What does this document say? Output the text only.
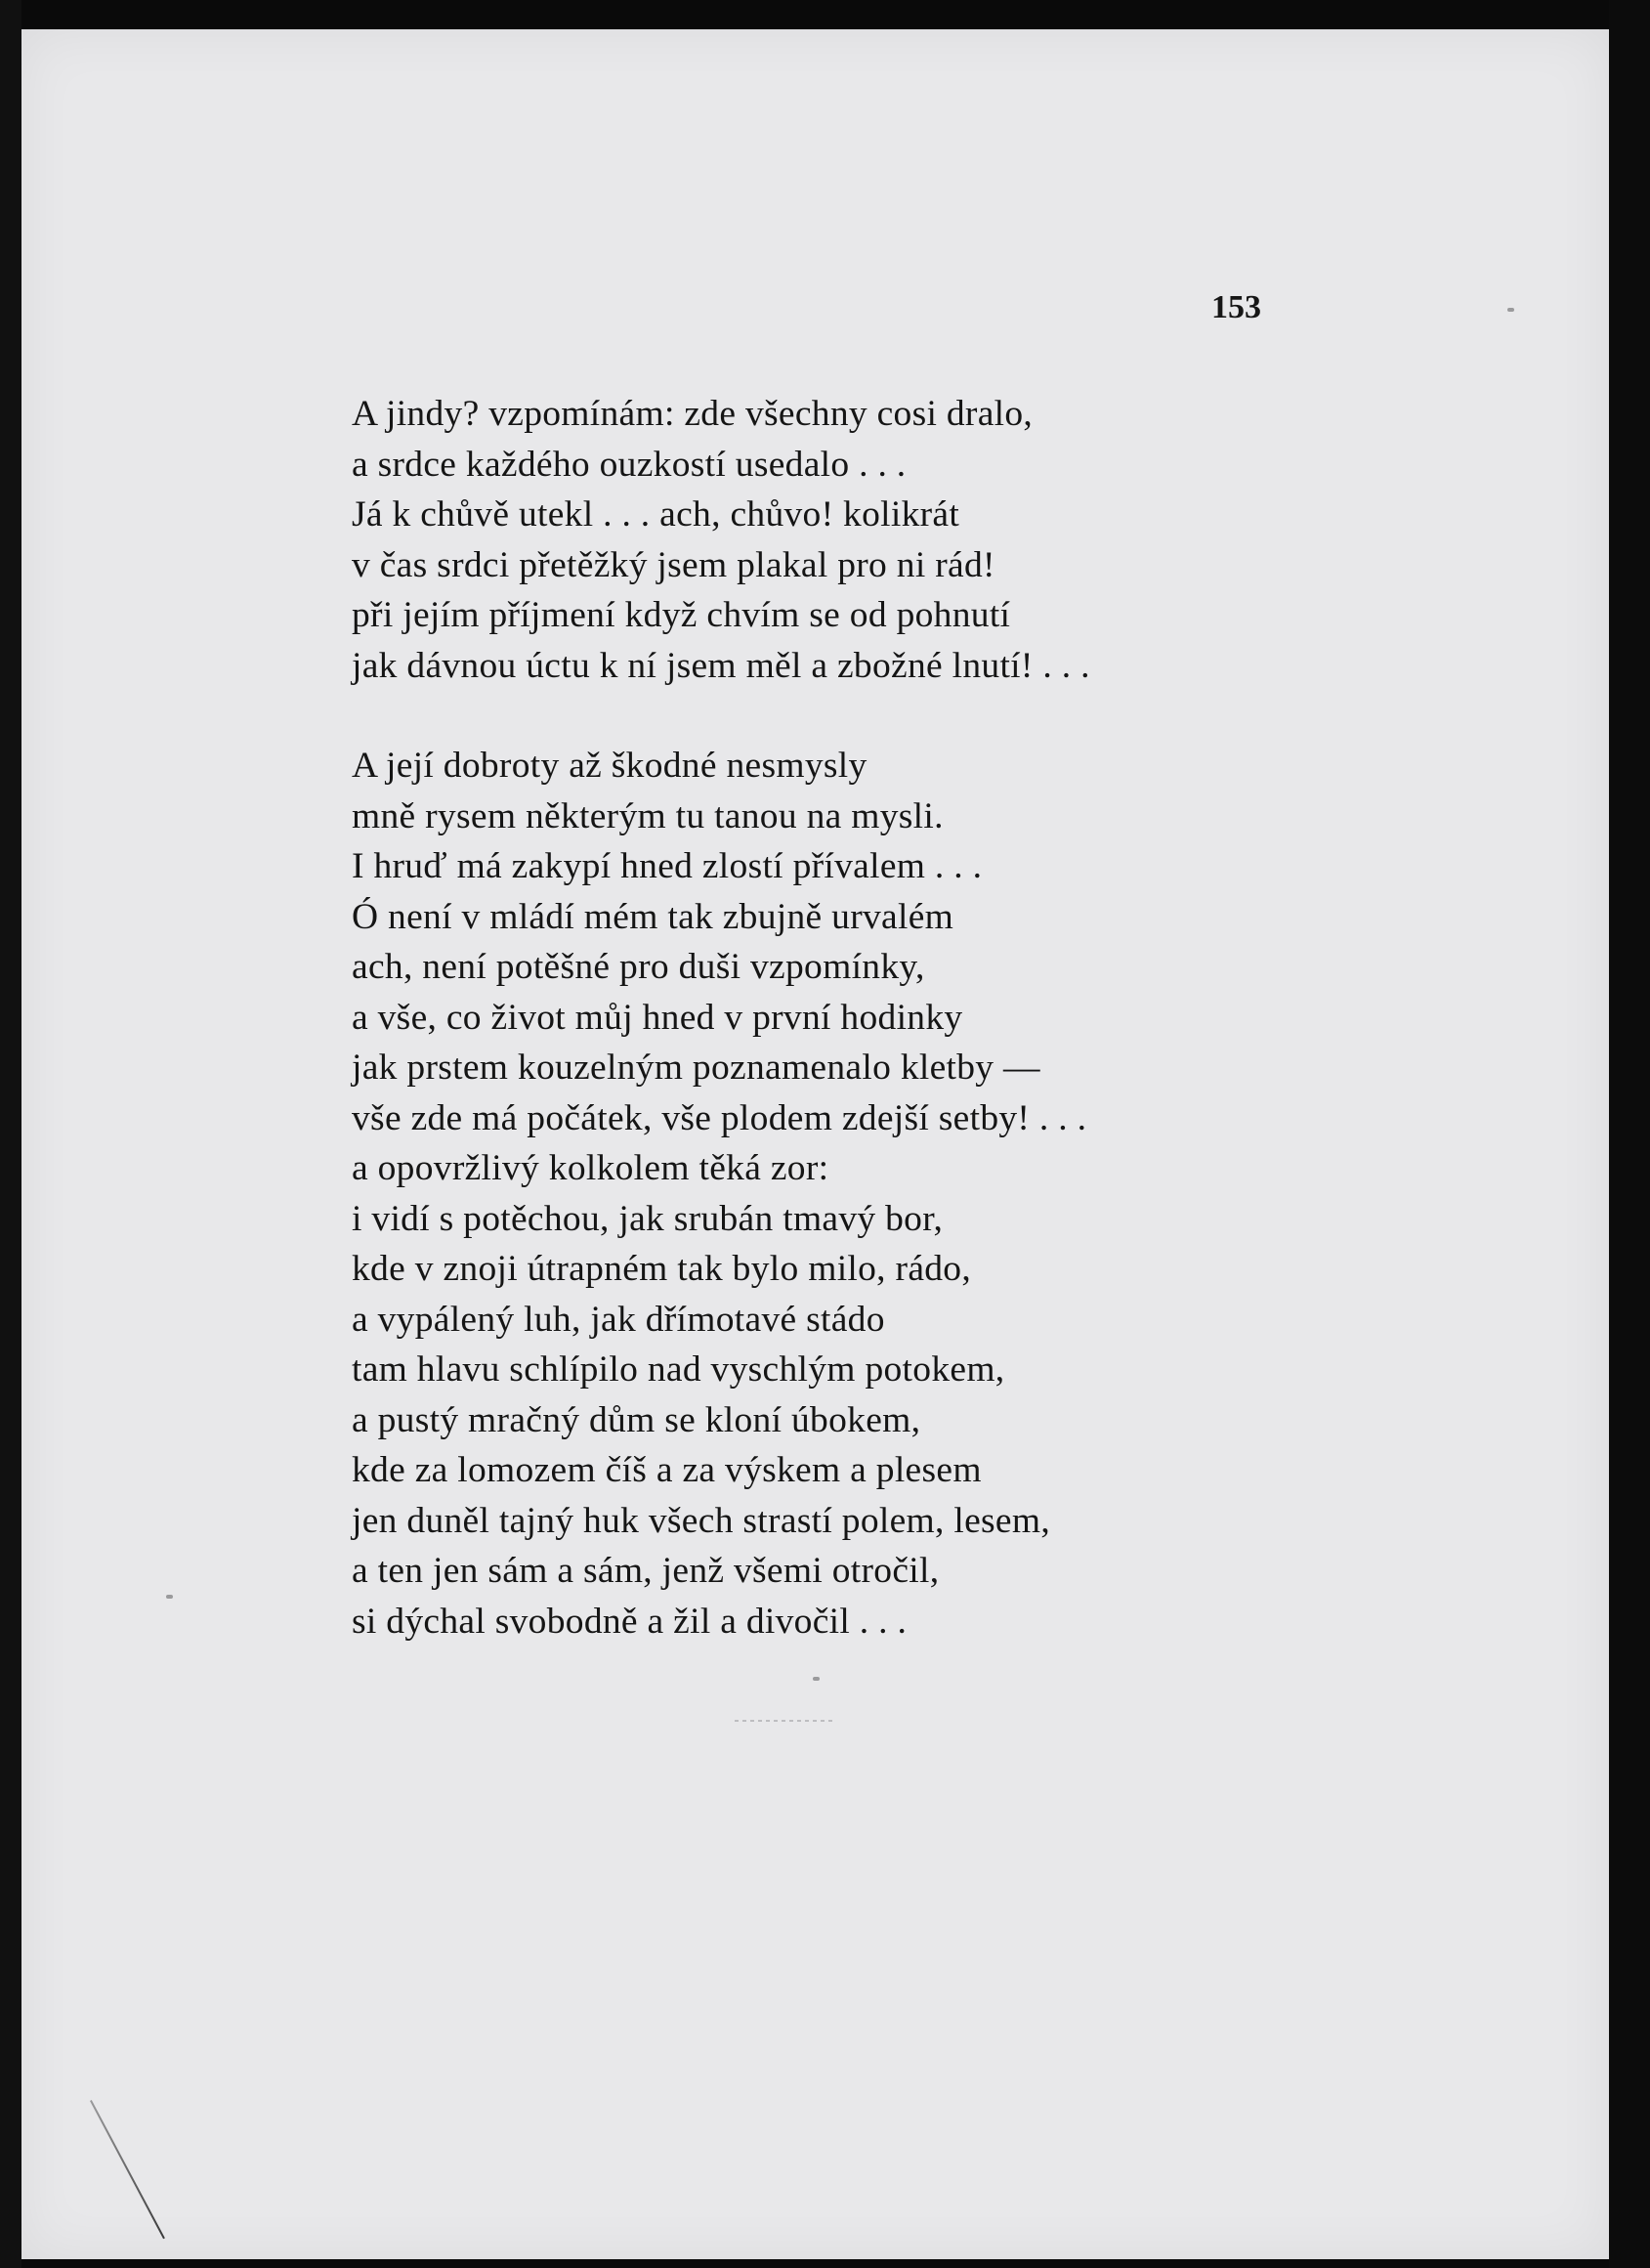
153
A jindy? vzpomínám: zde všechny cosi dralo,
a srdce každého ouzkostí usedalo . . .
Já k chůvě utekl . . . ach, chůvo! kolikrát
v čas srdci přetěžký jsem plakal pro ni rád!
při jejím příjmení když chvím se od pohnutí
jak dávnou úctu k ní jsem měl a zbožné lnutí! . . .
A její dobroty až škodné nesmysly
mně rysem některým tu tanou na mysli.
I hruď má zakypí hned zlostí přívalem . . .
Ó není v mládí mém tak zbujně urvalém
ach, není potěšné pro duši vzpomínky,
a vše, co život můj hned v první hodinky
jak prstem kouzelným poznamenalo kletby —
vše zde má počátek, vše plodem zdejší setby! . . .
a opovržlivý kolkolem těká zor:
i vidí s potěchou, jak srubán tmavý bor,
kde v znoji útrapném tak bylo milo, rádo,
a vypálený luh, jak dřímotavé stádo
tam hlavu schlípilo nad vyschlým potokem,
a pustý mračný dům se kloní úbokem,
kde za lomozem číš a za výskem a plesem
jen duněl tajný huk všech strastí polem, lesem,
a ten jen sám a sám, jenž všemi otročil,
si dýchal svobodně a žil a divočil . . .
